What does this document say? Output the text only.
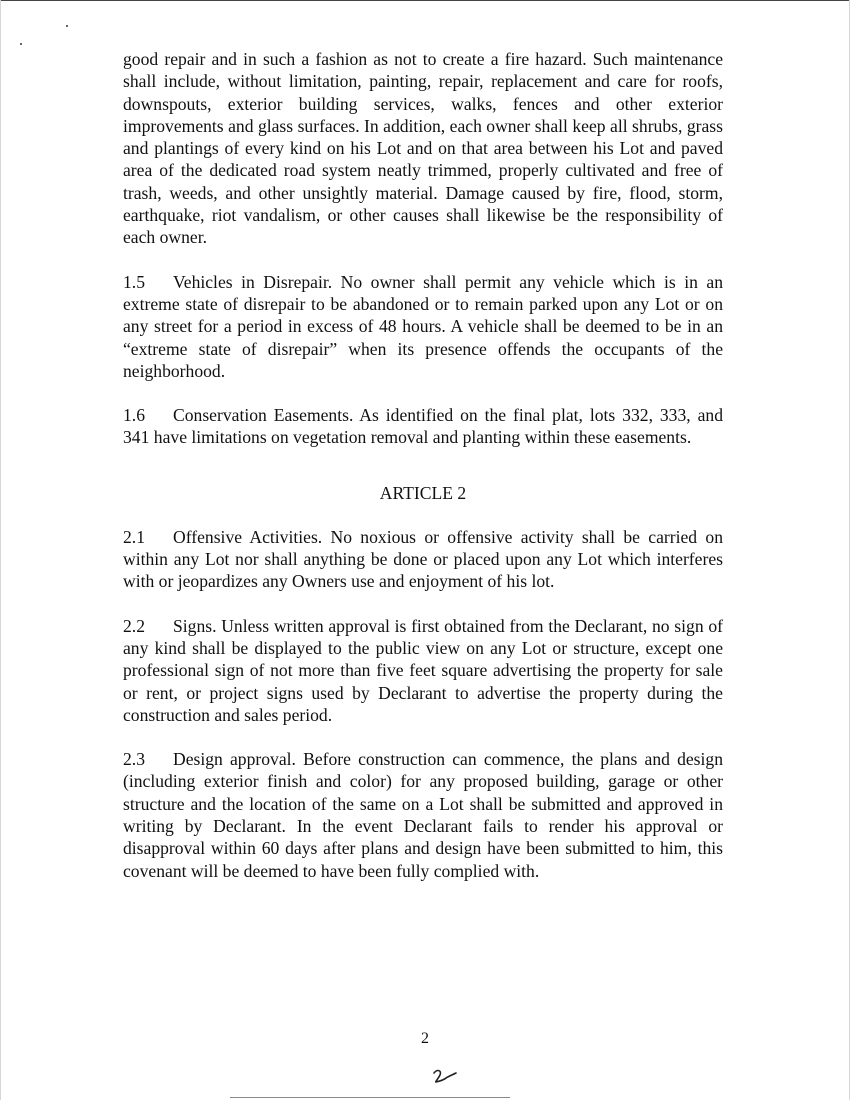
good repair and in such a fashion as not to create a fire hazard. Such maintenance shall include, without limitation, painting, repair, replacement and care for roofs, downspouts, exterior building services, walks, fences and other exterior improvements and glass surfaces. In addition, each owner shall keep all shrubs, grass and plantings of every kind on his Lot and on that area between his Lot and paved area of the dedicated road system neatly trimmed, properly cultivated and free of trash, weeds, and other unsightly material. Damage caused by fire, flood, storm, earthquake, riot vandalism, or other causes shall likewise be the responsibility of each owner.

1.5 Vehicles in Disrepair. No owner shall permit any vehicle which is in an extreme state of disrepair to be abandoned or to remain parked upon any Lot or on any street for a period in excess of 48 hours. A vehicle shall be deemed to be in an “extreme state of disrepair” when its presence offends the occupants of the neighborhood.

1.6 Conservation Easements. As identified on the final plat, lots 332, 333, and 341 have limitations on vegetation removal and planting within these easements.

ARTICLE 2

2.1 Offensive Activities. No noxious or offensive activity shall be carried on within any Lot nor shall anything be done or placed upon any Lot which interferes with or jeopardizes any Owners use and enjoyment of his lot.

2.2 Signs. Unless written approval is first obtained from the Declarant, no sign of any kind shall be displayed to the public view on any Lot or structure, except one professional sign of not more than five feet square advertising the property for sale or rent, or project signs used by Declarant to advertise the property during the construction and sales period.

2.3 Design approval. Before construction can commence, the plans and design (including exterior finish and color) for any proposed building, garage or other structure and the location of the same on a Lot shall be submitted and approved in writing by Declarant. In the event Declarant fails to render his approval or disapproval within 60 days after plans and design have been submitted to him, this covenant will be deemed to have been fully complied with.

2
